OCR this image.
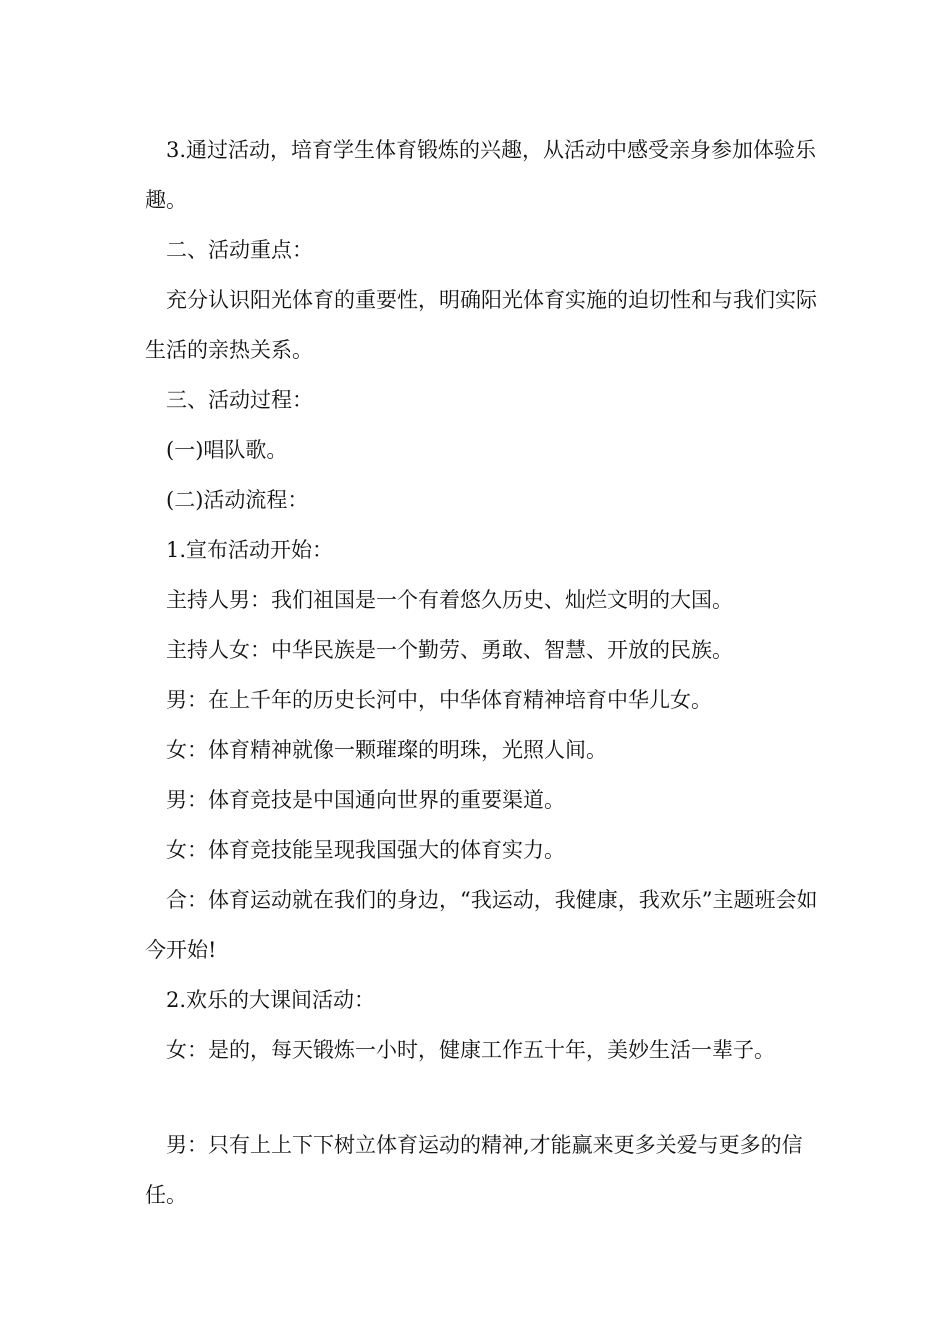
3.通过活动，培育学生体育锻炼的兴趣，从活动中感受亲身参加体验乐趣。

二、活动重点：

充分认识阳光体育的重要性，明确阳光体育实施的迫切性和与我们实际生活的亲热关系。

三、活动过程：

(一)唱队歌。

(二)活动流程：

1.宣布活动开始：

主持人男：我们祖国是一个有着悠久历史、灿烂文明的大国。

主持人女：中华民族是一个勤劳、勇敢、智慧、开放的民族。

男：在上千年的历史长河中，中华体育精神培育中华儿女。

女：体育精神就像一颗璀璨的明珠，光照人间。

男：体育竞技是中国通向世界的重要渠道。

女：体育竞技能呈现我国强大的体育实力。

合：体育运动就在我们的身边，“我运动，我健康，我欢乐”主题班会如今开始!

2.欢乐的大课间活动：

女：是的，每天锻炼一小时，健康工作五十年，美妙生活一辈子。

男：只有上上下下树立体育运动的精神,才能赢来更多关爱与更多的信任。
